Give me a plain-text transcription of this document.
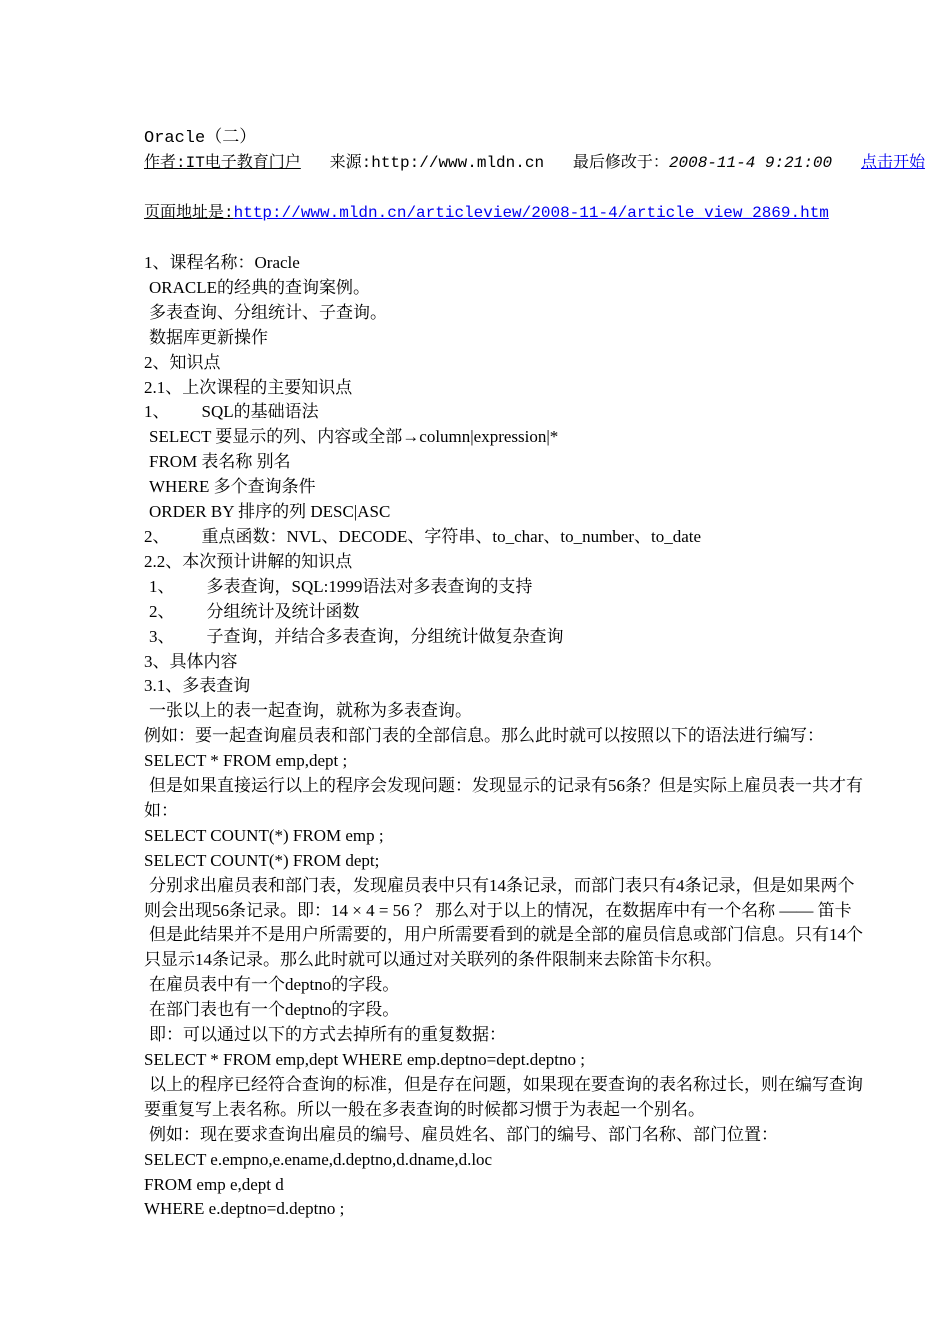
Oracle（二）
作者:IT电子教育门户 来源:http://www.mldn.cn 最后修改于：2008-11-4 9:21:00 点击开始
页面地址是:http://www.mldn.cn/articleview/2008-11-4/article_view_2869.htm
1、课程名称：Oracle
ORACLE的经典的查询案例。
多表查询、分组统计、子查询。
数据库更新操作
2、知识点
2.1、上次课程的主要知识点
1、 SQL的基础语法
SELECT 要显示的列、内容或全部→column|expression|*
FROM 表名称 别名
WHERE 多个查询条件
ORDER BY 排序的列 DESC|ASC
2、 重点函数：NVL、DECODE、字符串、to_char、to_number、to_date
2.2、本次预计讲解的知识点
1、 多表查询，SQL:1999语法对多表查询的支持
2、 分组统计及统计函数
3、 子查询，并结合多表查询，分组统计做复杂查询
3、具体内容
3.1、多表查询
一张以上的表一起查询，就称为多表查询。
例如：要一起查询雇员表和部门表的全部信息。那么此时就可以按照以下的语法进行编写：
SELECT * FROM emp,dept ;
但是如果直接运行以上的程序会发现问题：发现显示的记录有56条？但是实际上雇员表一共才有
如：
SELECT COUNT(*) FROM emp ;
SELECT COUNT(*) FROM dept;
分别求出雇员表和部门表，发现雇员表中只有14条记录，而部门表只有4条记录，但是如果两个
则会出现56条记录。即：14 × 4 = 56 ？ 那么对于以上的情况，在数据库中有一个名称 —— 笛卡
但是此结果并不是用户所需要的，用户所需要看到的就是全部的雇员信息或部门信息。只有14个
只显示14条记录。那么此时就可以通过对关联列的条件限制来去除笛卡尔积。
在雇员表中有一个deptno的字段。
在部门表也有一个deptno的字段。
即：可以通过以下的方式去掉所有的重复数据：
SELECT * FROM emp,dept WHERE emp.deptno=dept.deptno ;
以上的程序已经符合查询的标准，但是存在问题，如果现在要查询的表名称过长，则在编写查询
要重复写上表名称。所以一般在多表查询的时候都习惯于为表起一个别名。
例如：现在要求查询出雇员的编号、雇员姓名、部门的编号、部门名称、部门位置：
SELECT e.empno,e.ename,d.deptno,d.dname,d.loc
FROM emp e,dept d
WHERE e.deptno=d.deptno ;
